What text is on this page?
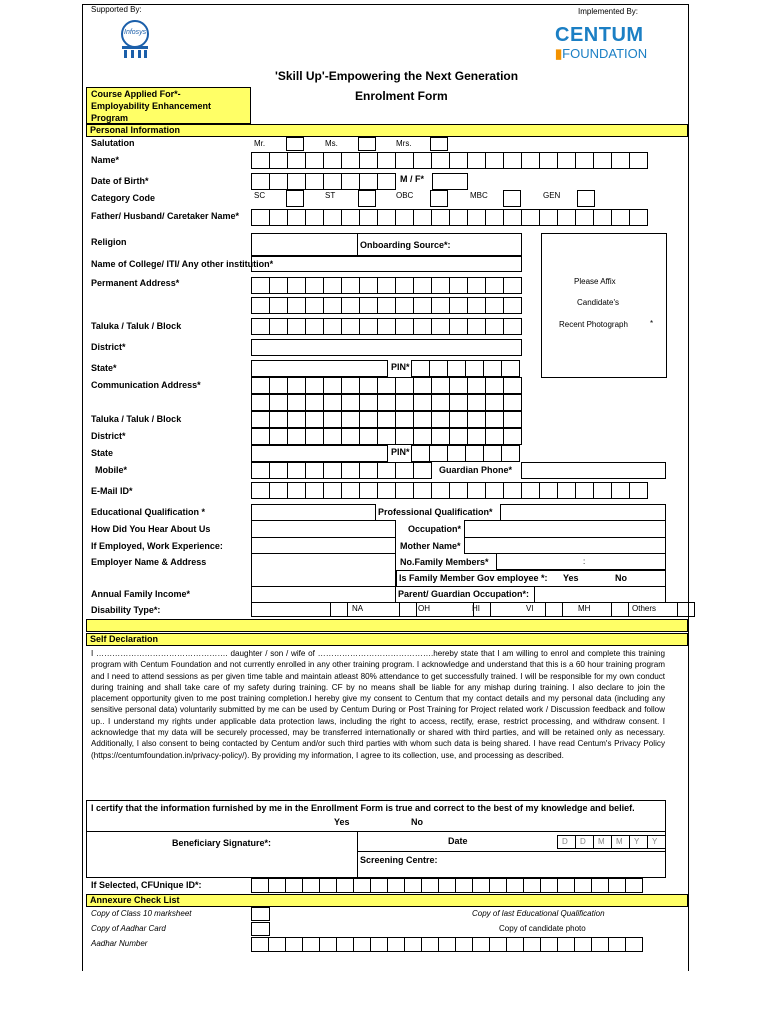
Supported By:	Implemented By:
Infosys	CENTUM
▮FOUNDATION
'Skill Up'-Empowering the Next Generation
Enrolment Form
Course Applied For*-
Employability Enhancement
Program
Personal Information
Salutation	Mr.	Ms.	Mrs.
Name*
Date of Birth*	M / F*
Category Code	SC	ST	OBC	MBC	GEN
Father/ Husband/ Caretaker Name*
Religion	Onboarding Source*:
Name of College/ ITI/ Any other institution*
Permanent Address*
Taluka / Taluk / Block
District*
State*	PIN*
Communication Address*
Taluka / Taluk / Block
District*
State	PIN*
Mobile*	Guardian Phone*
E-Mail ID*
Please Affix
Candidate's
Recent Photograph	*
Educational Qualification *	Professional Qualification*
How Did You Hear About Us	Occupation*
If Employed, Work Experience:	Mother Name*
Employer Name & Address	No.Family Members*	:
Is Family Member Gov employee *: Yes	No
Annual Family Income*	Parent/ Guardian Occupation*:
Disability Type*:	NA	OH	HI	VI	MH	Others
Self Declaration
I …………………………………………. daughter / son / wife of …………………………………….hereby state that I am willing to enrol and complete this training program with Centum Foundation and not currently enrolled in any other training program. I acknowledge and understand that this is a 60 hour training program and I need to attend sessions as per given time table and maintain atleast 80% attendance to get successfully trained. I will be responsible for my own conduct during training and shall take care of my safety during training. CF by no means shall be liable for any mishap during training. I also declare to join the placement opportunity given to me post training completion.I hereby give my consent to Centum that my contact details and my personal data (including any sensitive personal data) voluntarily submitted by me can be used by Centum During or Post Training for Project related work / Discussion feedback and follow up.. I understand my rights under applicable data protection laws, including the right to access, rectify, erase, restrict processing, and withdraw consent. I acknowledge that my data will be securely processed, may be transferred internationally or shared with third parties, and will be retained only as necessary. Additionally, I also consent to being contacted by Centum and/or such third parties with whom such data is being shared. I have read Centum's Privacy Policy (https://centumfoundation.in/privacy-policy/). By providing my information, I agree to its collection, use, and processing as described.
I certify that the information furnished by me in the Enrollment Form is true and correct to the best of my knowledge and belief.
Yes	No
Beneficiary Signature*:	Date	D D M M Y Y
Screening Centre:
If Selected, CFUnique ID*:
Annexure Check List
Copy of Class 10 marksheet	Copy of last Educational Qualification
Copy of Aadhar Card	Copy of candidate photo
Aadhar Number
